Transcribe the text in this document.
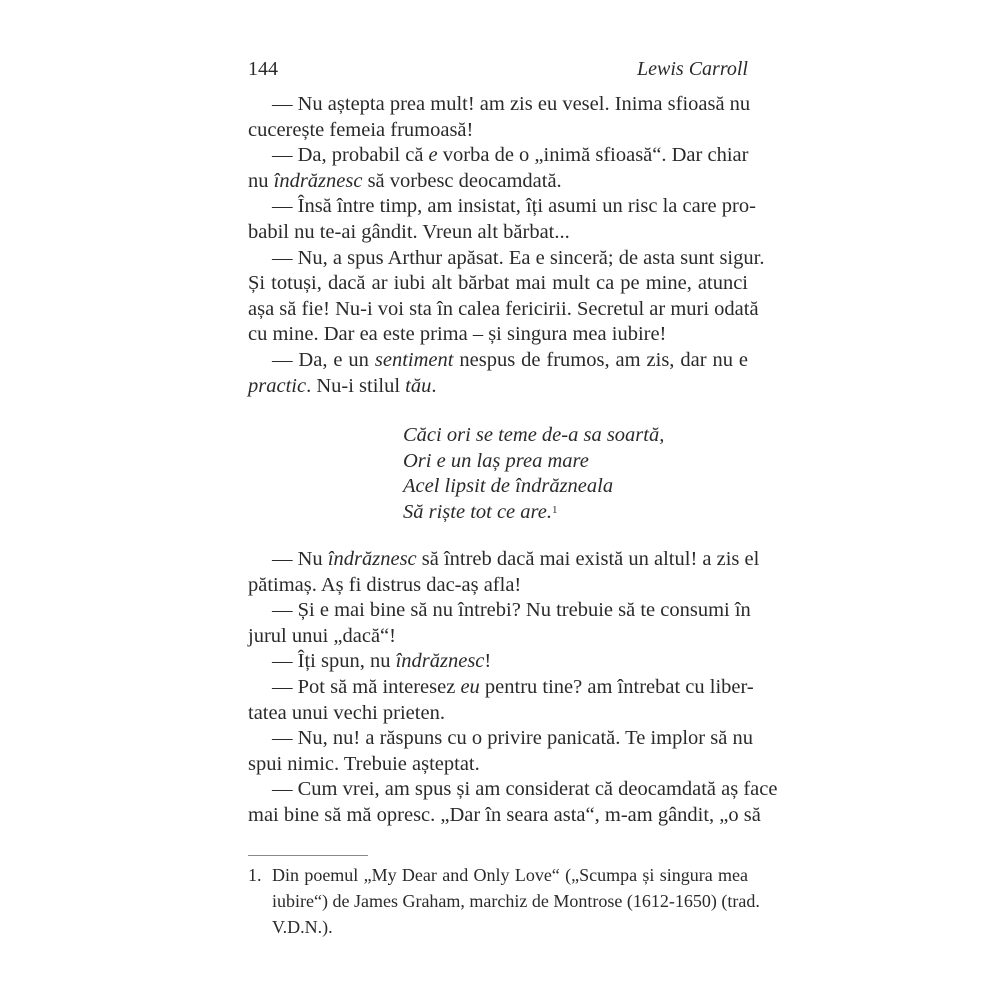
144	Lewis Carroll
— Nu aștepta prea mult! am zis eu vesel. Inima sfioasă nu
cucerește femeia frumoasă!
— Da, probabil că e vorba de o „inimă sfioasă“. Dar chiar
nu îndrăznesc să vorbesc deocamdată.
— Însă între timp, am insistat, îți asumi un risc la care pro-
babil nu te-ai gândit. Vreun alt bărbat...
— Nu, a spus Arthur apăsat. Ea e sinceră; de asta sunt sigur.
Și totuși, dacă ar iubi alt bărbat mai mult ca pe mine, atunci
așa să fie! Nu-i voi sta în calea fericirii. Secretul ar muri odată
cu mine. Dar ea este prima – și singura mea iubire!
— Da, e un sentiment nespus de frumos, am zis, dar nu e
practic. Nu-i stilul tău.
Căci ori se teme de-a sa soartă,
Ori e un laș prea mare
Acel lipsit de îndrăzneala
Să riște tot ce are.$^1$
— Nu îndrăznesc să întreb dacă mai există un altul! a zis el
pătimaș. Aș fi distrus dac-aș afla!
— Și e mai bine să nu întrebi? Nu trebuie să te consumi în
jurul unui „dacă“!
— Îți spun, nu îndrăznesc!
— Pot să mă interesez eu pentru tine? am întrebat cu liber-
tatea unui vechi prieten.
— Nu, nu! a răspuns cu o privire panicată. Te implor să nu
spui nimic. Trebuie așteptat.
— Cum vrei, am spus și am considerat că deocamdată aș face
mai bine să mă opresc. „Dar în seara asta“, m-am gândit, „o să
1. Din poemul „My Dear and Only Love“ („Scumpa și singura mea
iubire“) de James Graham, marchiz de Montrose (1612-1650) (trad.
V.D.N.).
